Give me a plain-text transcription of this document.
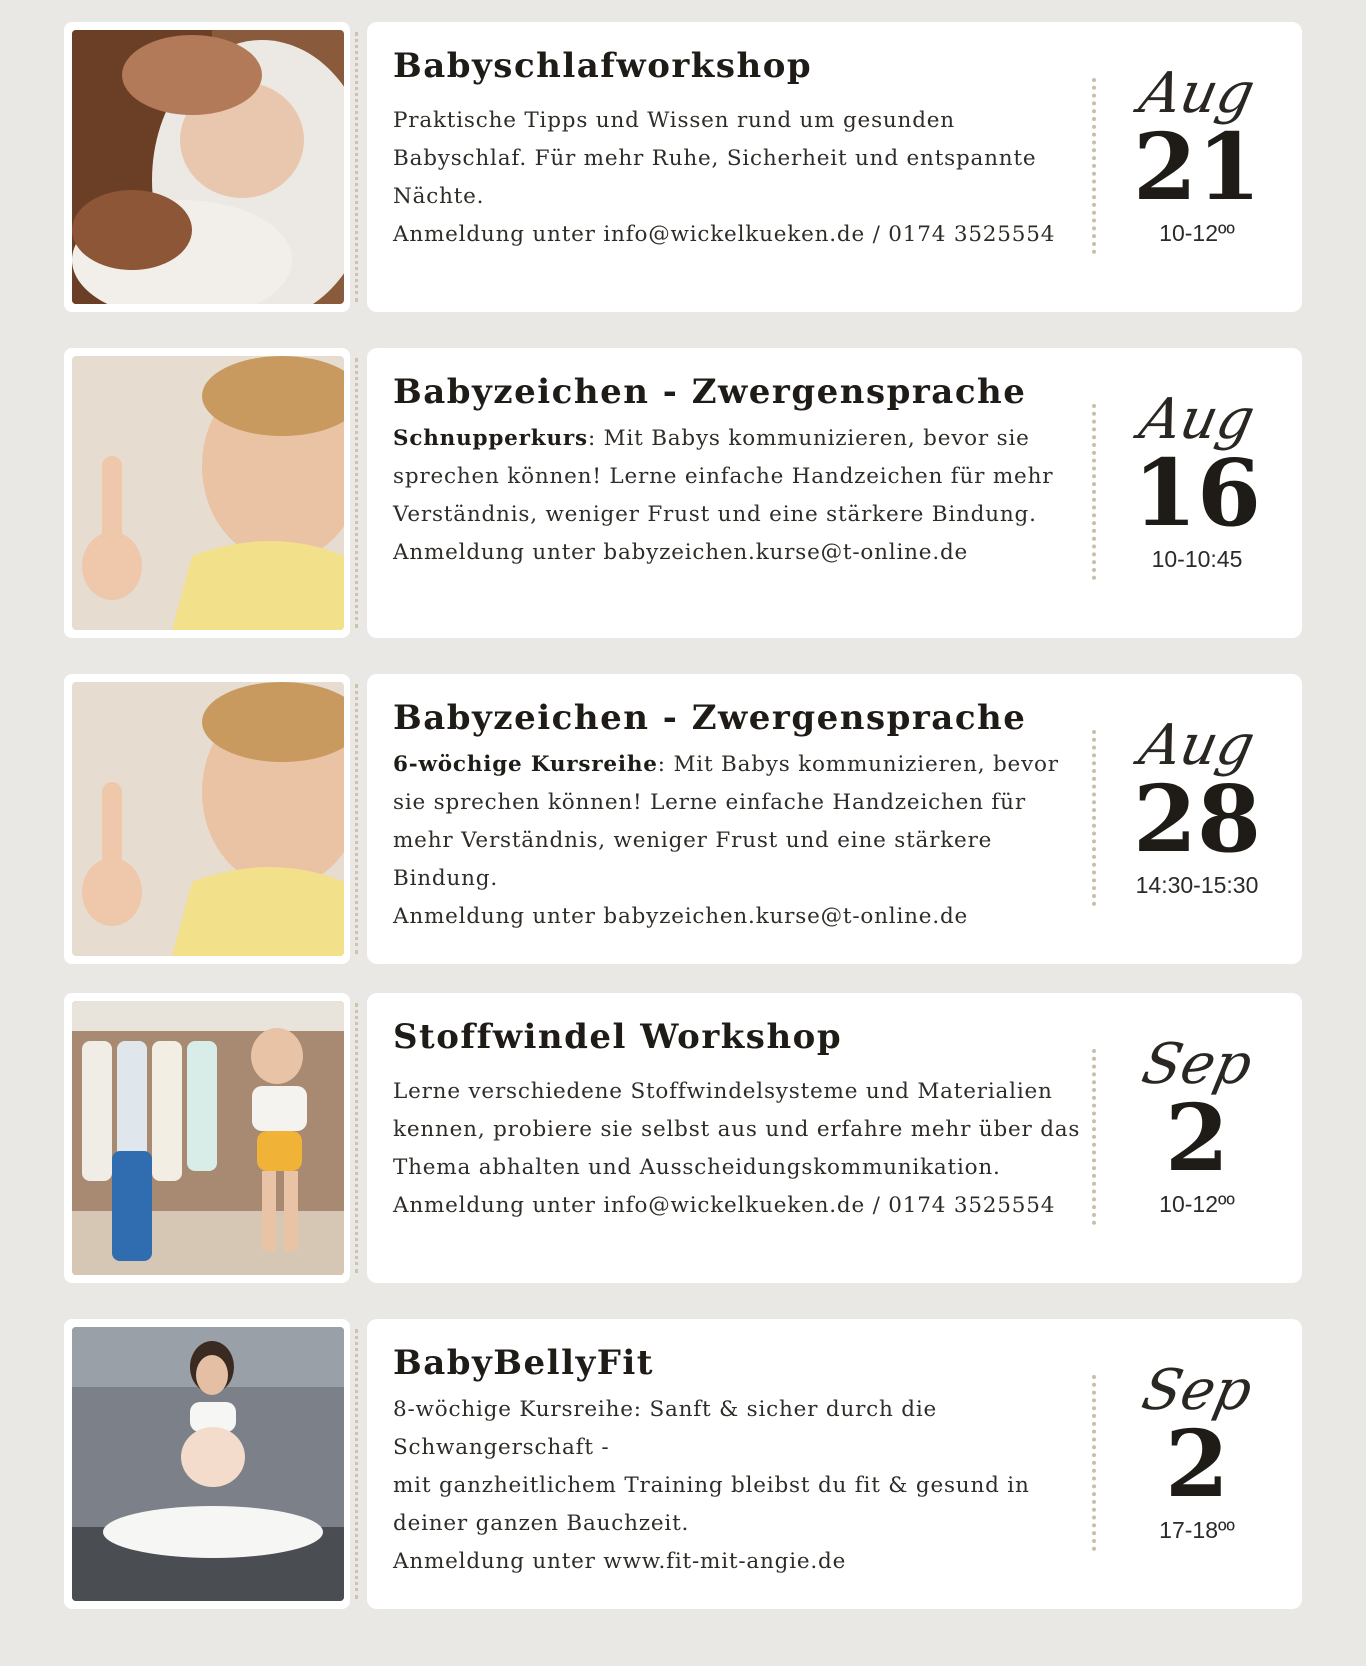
Babyschlafworkshop

Praktische Tipps und Wissen rund um gesunden Babyschlaf. Für mehr Ruhe, Sicherheit und entspannte Nächte.

Anmeldung unter info@wickelkueken.de / 0174 3525554

Aug
21
10-12ºº
Babyzeichen - Zwergensprache

Schnupperkurs: Mit Babys kommunizieren, bevor sie sprechen können! Lerne einfache Handzeichen für mehr Verständnis, weniger Frust und eine stärkere Bindung.

Anmeldung unter babyzeichen.kurse@t-online.de

Aug
16
10-10:45
Babyzeichen - Zwergensprache

6-wöchige Kursreihe: Mit Babys kommunizieren, bevor sie sprechen können! Lerne einfache Handzeichen für mehr Verständnis, weniger Frust und eine stärkere Bindung.

Anmeldung unter babyzeichen.kurse@t-online.de

Aug
28
14:30-15:30
Stoffwindel Workshop

Lerne verschiedene Stoffwindelsysteme und Materialien kennen, probiere sie selbst aus und erfahre mehr über das Thema abhalten und Ausscheidungskommunikation.

Anmeldung unter info@wickelkueken.de / 0174 3525554

Sep
2
10-12ºº
BabyBellyFit

8-wöchige Kursreihe: Sanft & sicher durch die Schwangerschaft -

mit ganzheitlichem Training bleibst du fit & gesund in deiner ganzen Bauchzeit.

Anmeldung unter www.fit-mit-angie.de

Sep
2
17-18ºº
